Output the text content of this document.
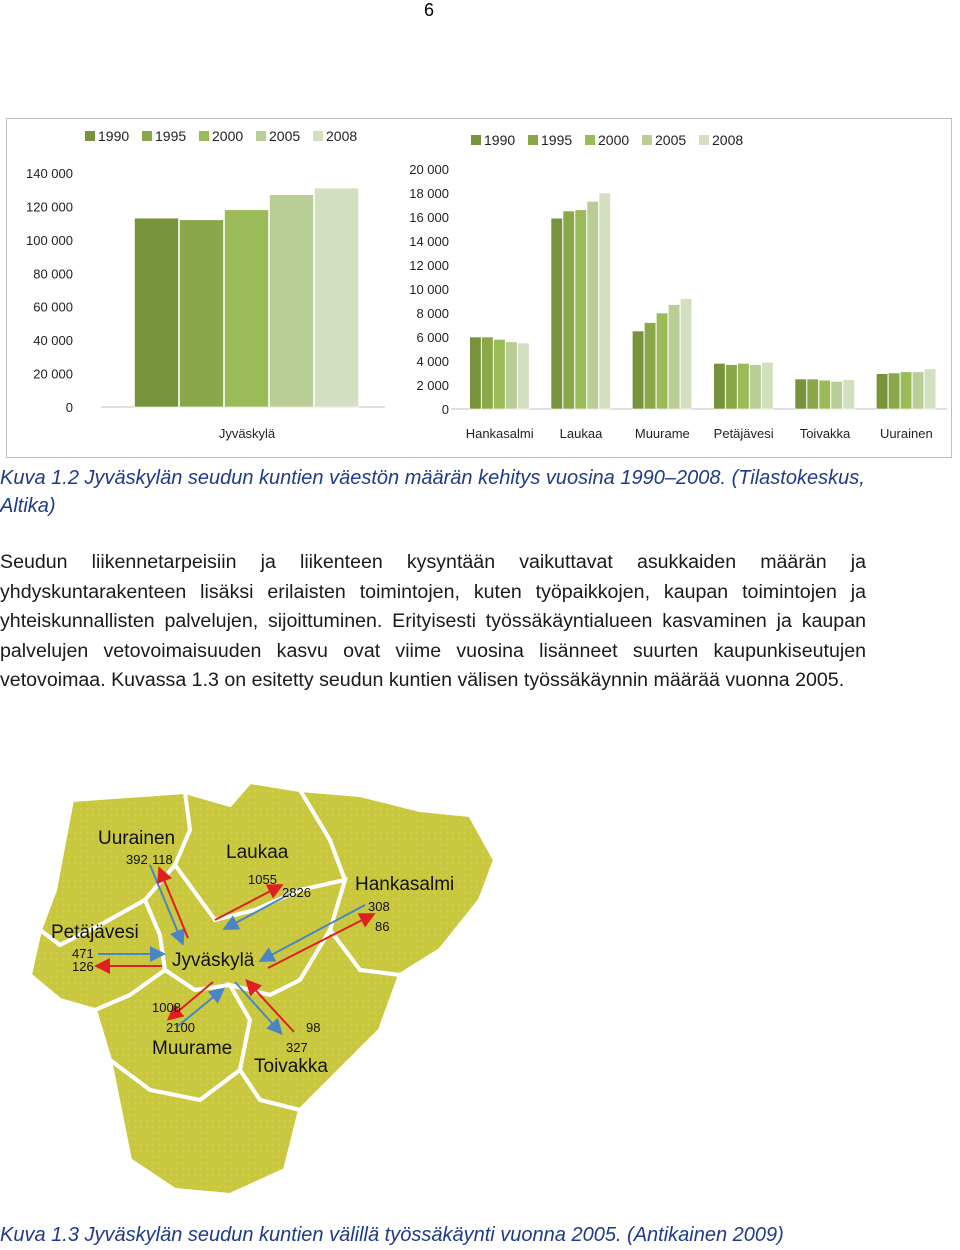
6
0
20 000
40 000
60 000
80 000
100 000
120 000
140 000
1990 1995 2000 2005 2008
Jyväskylä
0
2 000
4 000
6 000
8 000
10 000
12 000
14 000
16 000
18 000
20 000
1990 1995 2000 2005 2008
Hankasalmi Laukaa	Muurame Petäjävesi Toivakka Uurainen
Kuva 1.2 Jyväskylän seudun kuntien väestön määrän kehitys vuosina 1990–2008. (Tilastokeskus, Altika)
Seudun liikennetarpeisiin ja liikenteen kysyntään vaikuttavat asukkaiden määrän ja yhdyskuntarakenteen lisäksi erilaisten toimintojen, kuten työpaikkojen, kaupan toimintojen ja yhteiskunnallisten palvelujen, sijoittuminen. Erityisesti työssäkäyntialueen kasvaminen ja kaupan palvelujen vetovoimaisuuden kasvu ovat viime vuosina lisänneet suurten kaupunkiseutujen vetovoimaa. Kuvassa 1.3 on esitetty seudun kuntien välisen työssäkäynnin määrää vuonna 2005.
Uurainen
Laukaa
Hankasalmi
Petäjävesi
Jyväskylä
Muurame
Toivakka
392 118
1055
2826
308
86
471
126
1008
2100	98
327
Kuva 1.3 Jyväskylän seudun kuntien välillä työssäkäynti vuonna 2005. (Antikainen 2009)
